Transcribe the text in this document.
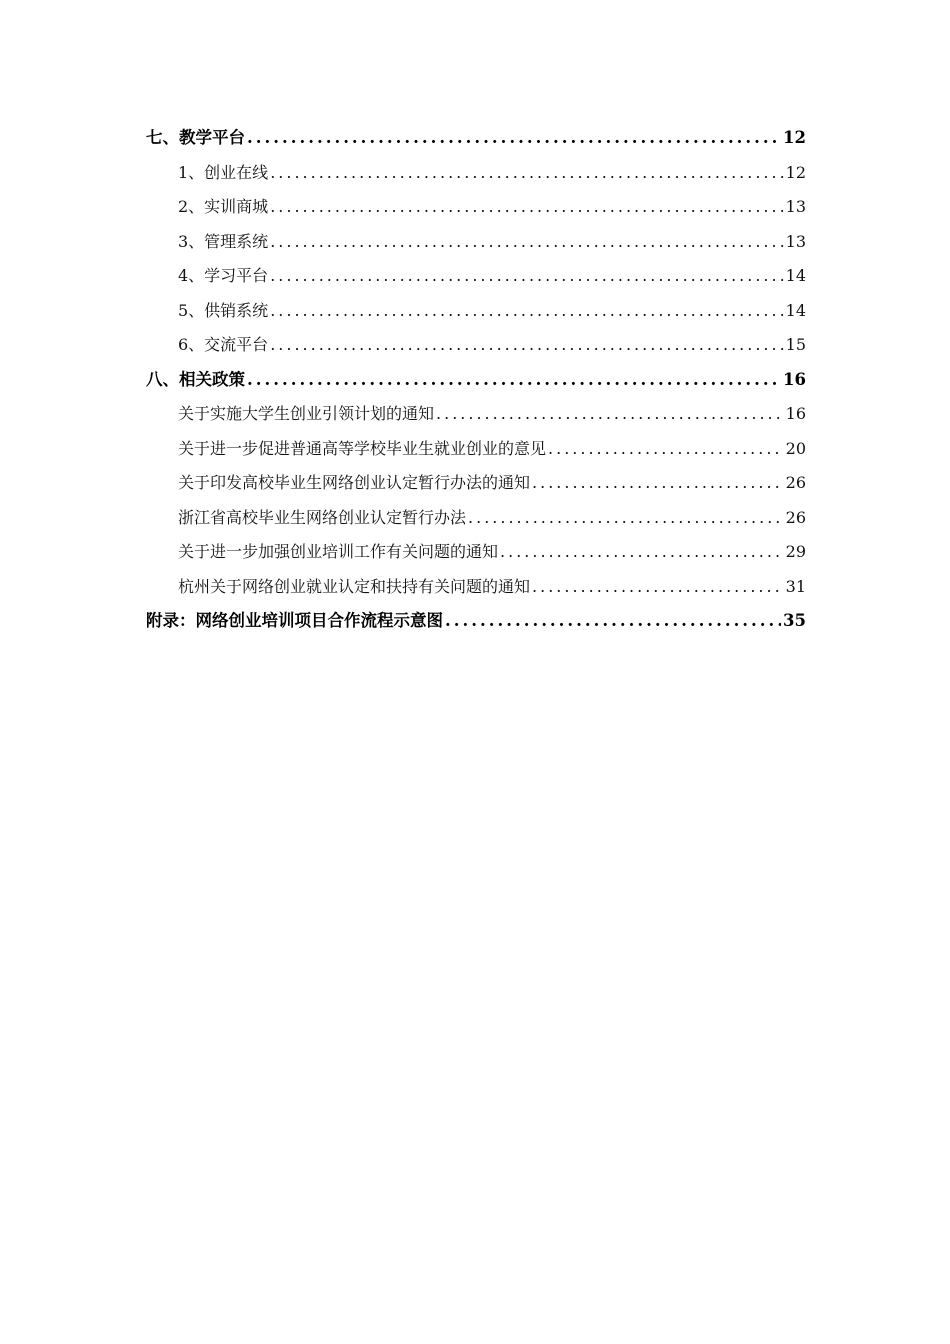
七、教学平台 .....	12
1、创业在线 .....	12
2、实训商城 .....	13
3、管理系统 .....	13
4、学习平台 .....	14
5、供销系统 .....	14
6、交流平台 .....	15
八、相关政策 .....	16
关于实施大学生创业引领计划的通知 .....	16
关于进一步促进普通高等学校毕业生就业创业的意见 .....	20
关于印发高校毕业生网络创业认定暂行办法的通知 .....	26
浙江省高校毕业生网络创业认定暂行办法 .....	26
关于进一步加强创业培训工作有关问题的通知 .....	29
杭州关于网络创业就业认定和扶持有关问题的通知 .....	31
附录：网络创业培训项目合作流程示意图 .....	35
